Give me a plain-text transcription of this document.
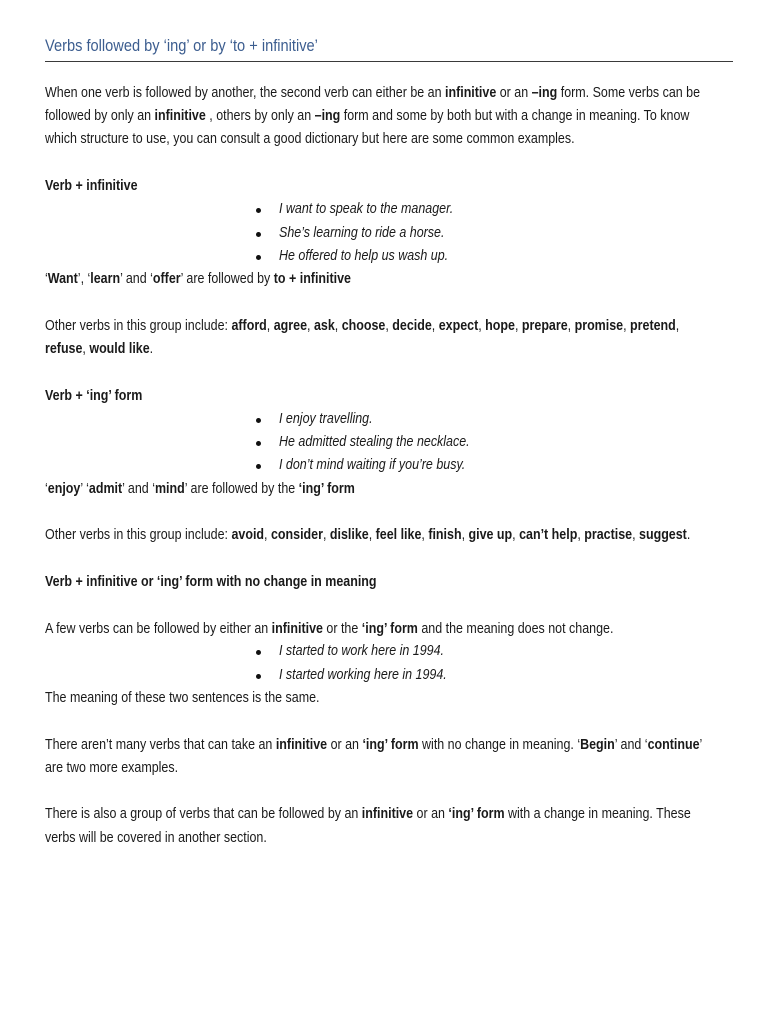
Verbs followed by ‘ing’ or by ‘to + infinitive’
When one verb is followed by another, the second verb can either be an infinitive or an –ing form. Some verbs can be
followed by only an infinitive , others by only an –ing form and some by both but with a change in meaning. To know
which structure to use, you can consult a good dictionary but here are some common examples.
Verb + infinitive
I want to speak to the manager.
She’s learning to ride a horse.
He offered to help us wash up.
‘Want’, ‘learn’ and ‘offer’ are followed by to + infinitive
Other verbs in this group include: afford, agree, ask, choose, decide, expect, hope, prepare, promise, pretend,
refuse, would like.
Verb + ‘ing’ form
I enjoy travelling.
He admitted stealing the necklace.
I don’t mind waiting if you’re busy.
‘enjoy’ ‘admit’ and ‘mind’ are followed by the ‘ing’ form
Other verbs in this group include: avoid, consider, dislike, feel like, finish, give up, can’t help, practise, suggest.
Verb + infinitive or ‘ing’ form with no change in meaning
A few verbs can be followed by either an infinitive or the ‘ing’ form and the meaning does not change.
I started to work here in 1994.
I started working here in 1994.
The meaning of these two sentences is the same.
There aren’t many verbs that can take an infinitive or an ‘ing’ form with no change in meaning. ‘Begin’ and ‘continue’
are two more examples.
There is also a group of verbs that can be followed by an infinitive or an ‘ing’ form with a change in meaning. These
verbs will be covered in another section.
